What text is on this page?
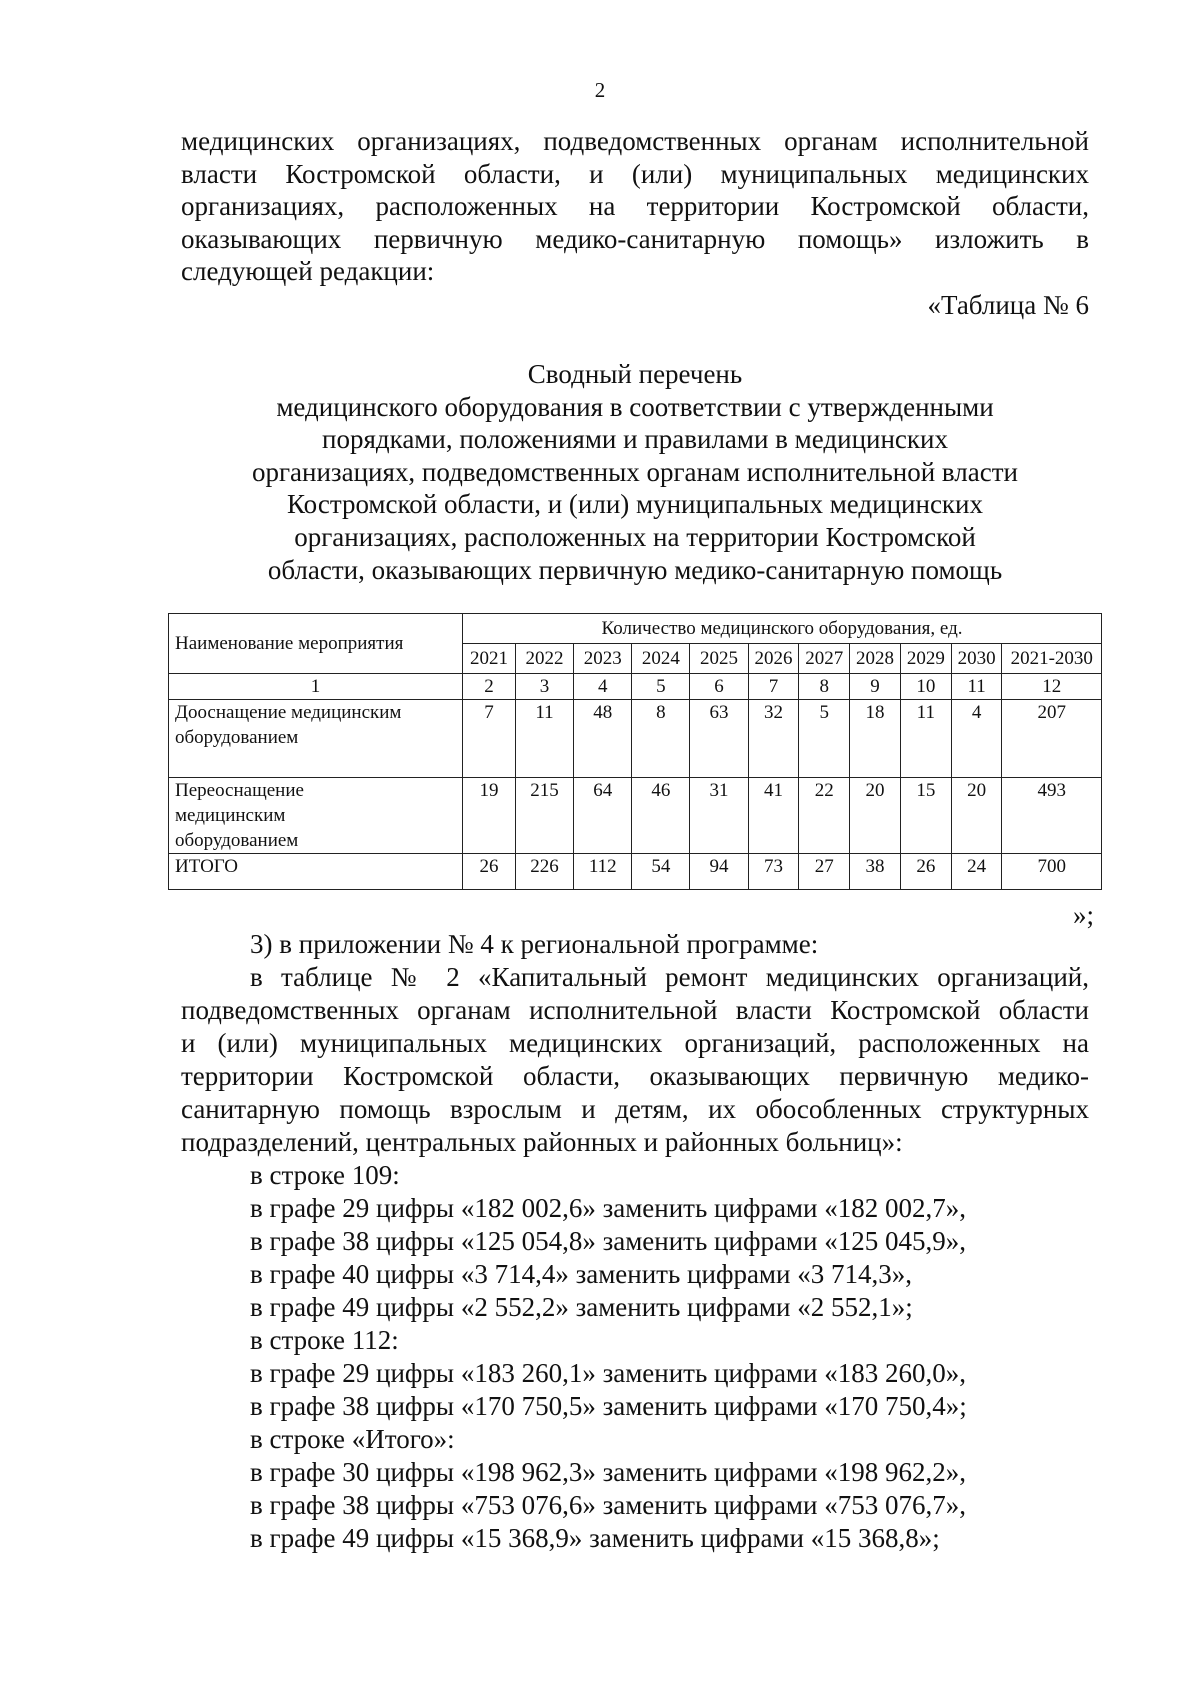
2
медицинских организациях, подведомственных органам исполнительной
власти Костромской области, и (или) муниципальных медицинских
организациях, расположенных на территории Костромской области,
оказывающих первичную медико-санитарную помощь» изложить в
следующей редакции:
«Таблица № 6
Сводный перечень
медицинского оборудования в соответствии с утвержденными
порядками, положениями и правилами в медицинских
организациях, подведомственных органам исполнительной власти
Костромской области, и (или) муниципальных медицинских
организациях, расположенных на территории Костромской
области, оказывающих первичную медико-санитарную помощь
Наименование мероприятия	Количество медицинского оборудования, ед.										
	2021	2022	2023	2024	2025	2026	2027	2028	2029	2030	2021-2030
1	2	3	4	5	6	7	8	9	10	11	12
Дооснащение медицинским оборудованием	7	11	48	8	63	32	5	18	11	4	207
Переоснащение медицинским оборудованием	19	215	64	46	31	41	22	20	15	20	493
ИТОГО	26	226	112	54	94	73	27	38	26	24	700
»;
3) в приложении № 4 к региональной программе:
в таблице № 2 «Капитальный ремонт медицинских организаций,
подведомственных органам исполнительной власти Костромской области
и (или) муниципальных медицинских организаций, расположенных на
территории Костромской области, оказывающих первичную медико-
санитарную помощь взрослым и детям, их обособленных структурных
подразделений, центральных районных и районных больниц»:
в строке 109:
в графе 29 цифры «182 002,6» заменить цифрами «182 002,7»,
в графе 38 цифры «125 054,8» заменить цифрами «125 045,9»,
в графе 40 цифры «3 714,4» заменить цифрами «3 714,3»,
в графе 49 цифры «2 552,2» заменить цифрами «2 552,1»;
в строке 112:
в графе 29 цифры «183 260,1» заменить цифрами «183 260,0»,
в графе 38 цифры «170 750,5» заменить цифрами «170 750,4»;
в строке «Итого»:
в графе 30 цифры «198 962,3» заменить цифрами «198 962,2»,
в графе 38 цифры «753 076,6» заменить цифрами «753 076,7»,
в графе 49 цифры «15 368,9» заменить цифрами «15 368,8»;
